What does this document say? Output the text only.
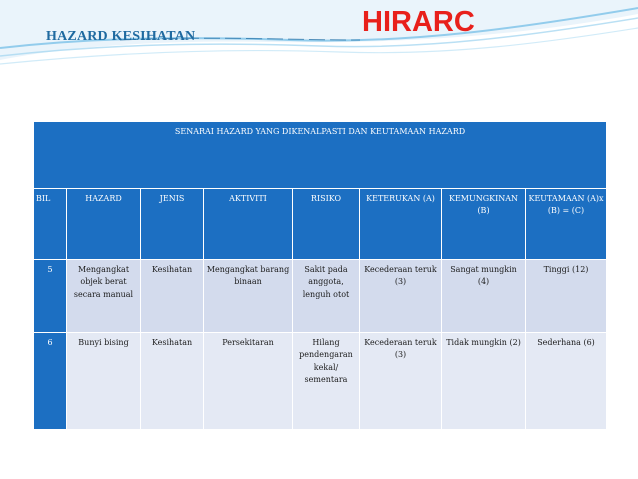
HAZARD KESIHATAN	HIRARC
SENARAI HAZARD YANG DIKENALPASTI DAN KEUTAMAAN HAZARD							
BIL	HAZARD	JENIS	AKTIVITI	RISIKO	KETERUKAN (A)	KEMUNGKINAN (B)	KEUTAMAAN (A)x (B) = (C)
5	Mengangkat objek berat secara manual	Kesihatan	Mengangkat barang binaan	Sakit pada anggota, lenguh otot	Kecederaan teruk (3)	Sangat mungkin (4)	Tinggi (12)
6	Bunyi bising	Kesihatan	Persekitaran	Hilang pendengaran kekal/ sementara	Kecederaan teruk (3)	Tidak mungkin (2)	Sederhana (6)
